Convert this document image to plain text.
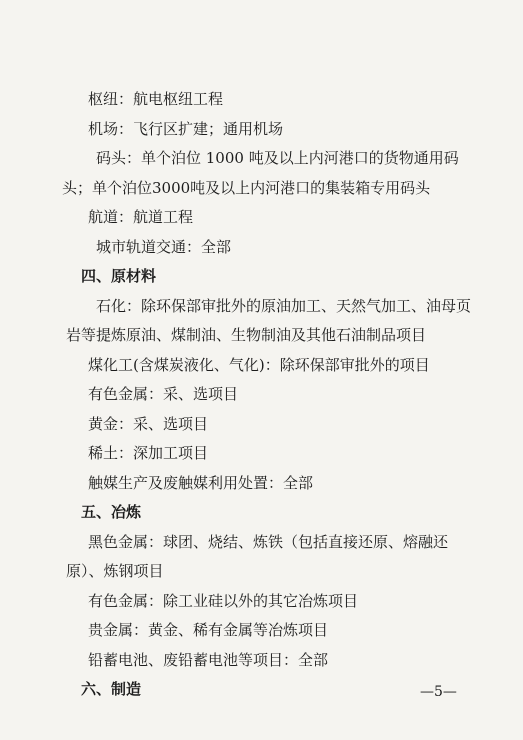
枢纽：航电枢纽工程
机场：飞行区扩建；通用机场
码头：单个泊位 1000 吨及以上内河港口的货物通用码
头；单个泊位3000吨及以上内河港口的集装箱专用码头
航道：航道工程
城市轨道交通：全部
四、原材料
石化：除环保部审批外的原油加工、天然气加工、油母页
岩等提炼原油、煤制油、生物制油及其他石油制品项目
煤化工(含煤炭液化、气化)：除环保部审批外的项目
有色金属：采、选项目
黄金：采、选项目
稀土：深加工项目
触媒生产及废触媒利用处置：全部
五、冶炼
黑色金属：球团、烧结、炼铁（包括直接还原、熔融还
原）、炼钢项目
有色金属：除工业硅以外的其它冶炼项目
贵金属：黄金、稀有金属等冶炼项目
铅蓄电池、废铅蓄电池等项目：全部
六、制造	—5—
